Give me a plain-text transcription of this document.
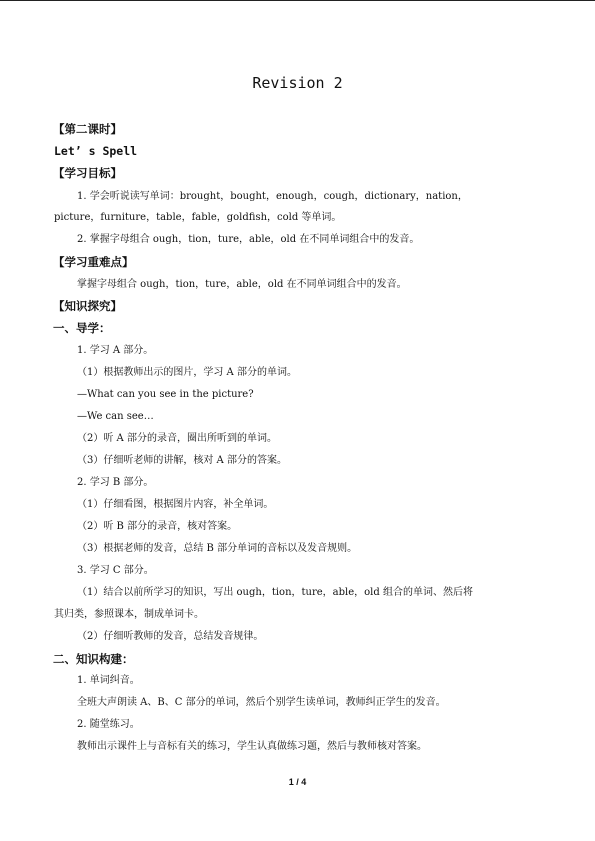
Revision 2
【第二课时】
Let’ s Spell
【学习目标】
1. 学会听说读写单词：brought，bought，enough，cough，dictionary，nation，
picture，furniture，table，fable，goldfish，cold 等单词。
2. 掌握字母组合 ough，tion，ture，able，old 在不同单词组合中的发音。
【学习重难点】
掌握字母组合 ough，tion，ture，able，old 在不同单词组合中的发音。
【知识探究】
一、导学：
1. 学习 A 部分。
（1）根据教师出示的图片，学习 A 部分的单词。
—What can you see in the picture?
—We can see…
（2）听 A 部分的录音，圈出所听到的单词。
（3）仔细听老师的讲解，核对 A 部分的答案。
2. 学习 B 部分。
（1）仔细看图，根据图片内容，补全单词。
（2）听 B 部分的录音，核对答案。
（3）根据老师的发音，总结 B 部分单词的音标以及发音规则。
3. 学习 C 部分。
（1）结合以前所学习的知识，写出 ough，tion，ture，able，old 组合的单词、然后将
其归类，参照课本，制成单词卡。
（2）仔细听教师的发音，总结发音规律。
二、知识构建：
1. 单词纠音。
全班大声朗读 A、B、C 部分的单词，然后个别学生读单词，教师纠正学生的发音。
2. 随堂练习。
教师出示课件上与音标有关的练习，学生认真做练习题，然后与教师核对答案。
1 / 4
